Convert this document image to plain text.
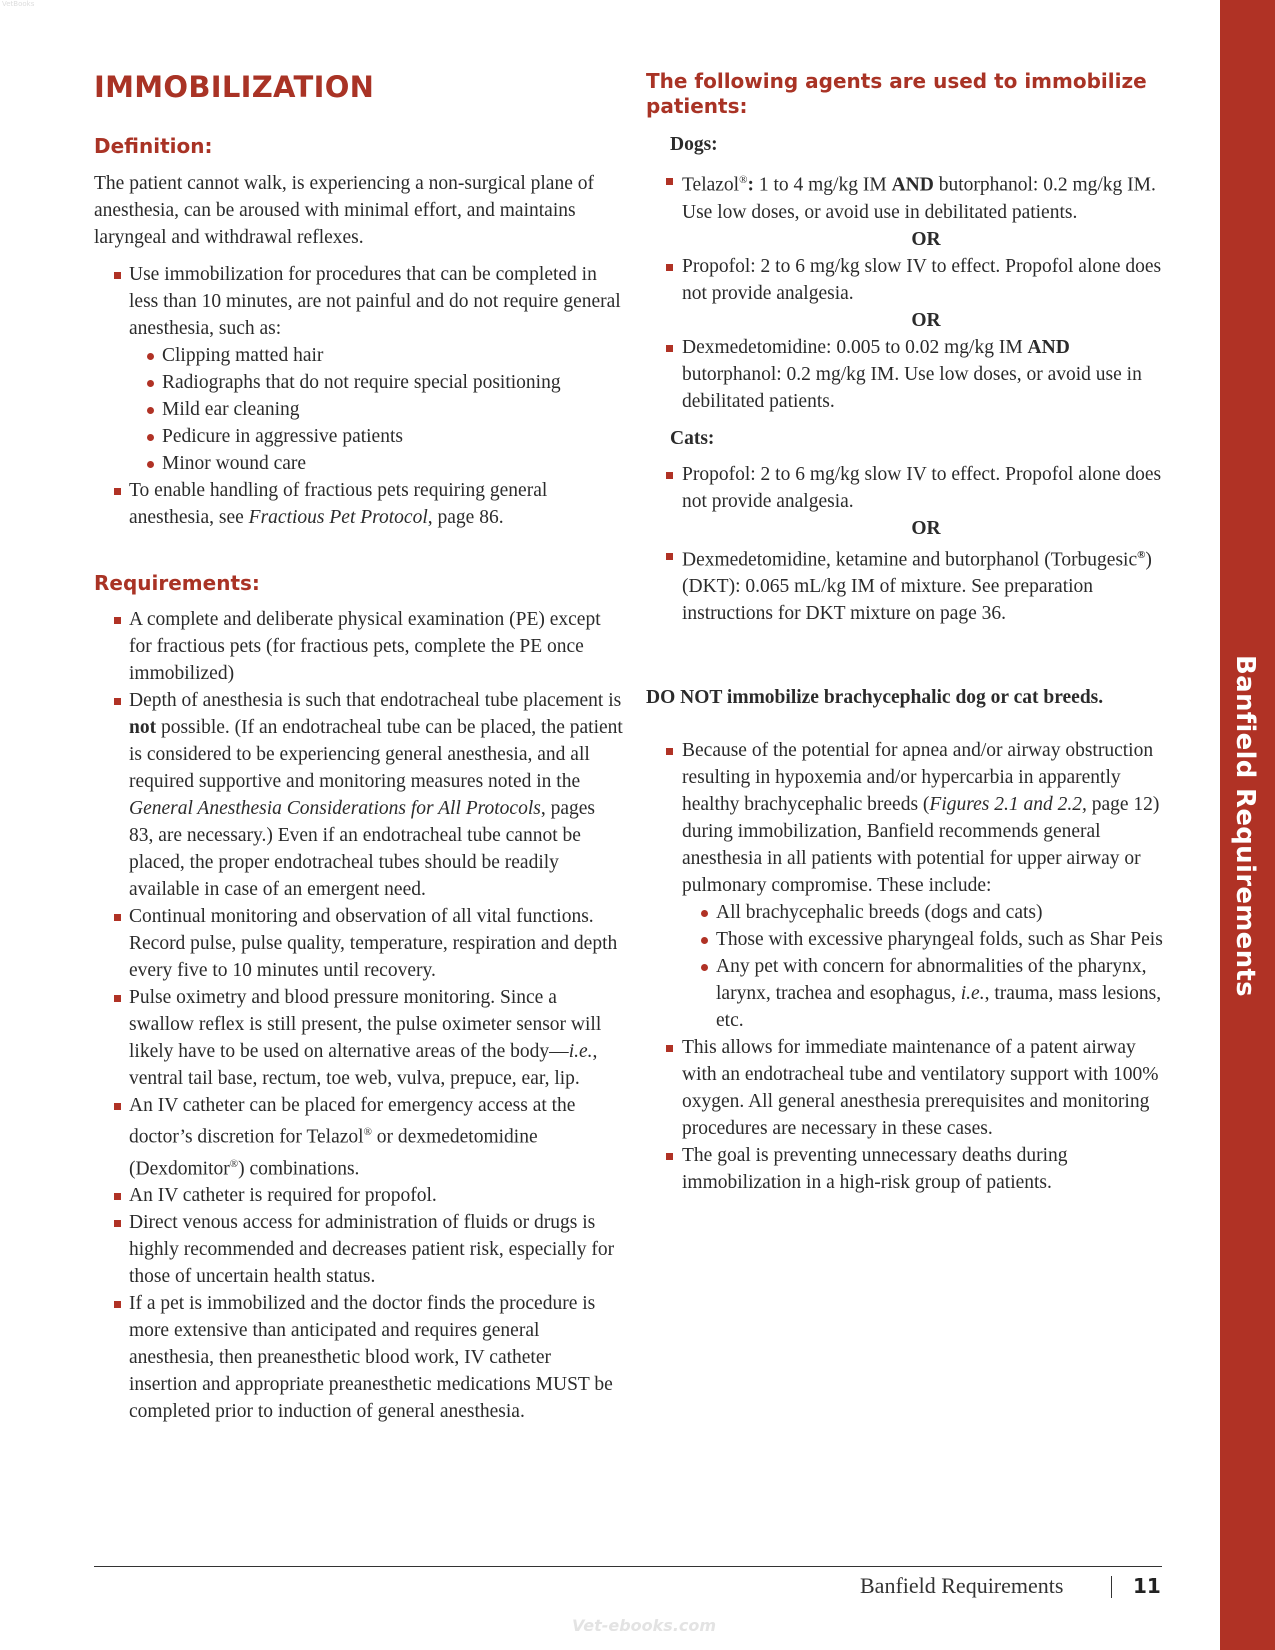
VetBooks
Banfield Requirements
IMMOBILIZATION
Definition:
The patient cannot walk, is experiencing a non-surgical plane of anesthesia, can be aroused with minimal effort, and maintains laryngeal and withdrawal reflexes.
Use immobilization for procedures that can be completed in less than 10 minutes, are not painful and do not require general anesthesia, such as:
Clipping matted hair
Radiographs that do not require special positioning
Mild ear cleaning
Pedicure in aggressive patients
Minor wound care
To enable handling of fractious pets requiring general anesthesia, see Fractious Pet Protocol, page 86.
Requirements:
A complete and deliberate physical examination (PE) except for fractious pets (for fractious pets, complete the PE once immobilized)
Depth of anesthesia is such that endotracheal tube placement is not possible. (If an endotracheal tube can be placed, the patient is considered to be experiencing general anesthesia, and all required supportive and monitoring measures noted in the General Anesthesia Considerations for All Protocols, pages 83, are necessary.) Even if an endotracheal tube cannot be placed, the proper endotracheal tubes should be readily available in case of an emergent need.
Continual monitoring and observation of all vital functions. Record pulse, pulse quality, temperature, respiration and depth every five to 10 minutes until recovery.
Pulse oximetry and blood pressure monitoring. Since a swallow reflex is still present, the pulse oximeter sensor will likely have to be used on alternative areas of the body—i.e., ventral tail base, rectum, toe web, vulva, prepuce, ear, lip.
An IV catheter can be placed for emergency access at the doctor’s discretion for Telazol® or dexmedetomidine (Dexdomitor®) combinations.
An IV catheter is required for propofol.
Direct venous access for administration of fluids or drugs is highly recommended and decreases patient risk, especially for those of uncertain health status.
If a pet is immobilized and the doctor finds the procedure is more extensive than anticipated and requires general anesthesia, then preanesthetic blood work, IV catheter insertion and appropriate preanesthetic medications MUST be completed prior to induction of general anesthesia.
The following agents are used to immobilize patients:
Dogs:
Telazol®: 1 to 4 mg/kg IM AND butorphanol: 0.2 mg/kg IM. Use low doses, or avoid use in debilitated patients.
OR
Propofol: 2 to 6 mg/kg slow IV to effect. Propofol alone does not provide analgesia.
OR
Dexmedetomidine: 0.005 to 0.02 mg/kg IM AND butorphanol: 0.2 mg/kg IM. Use low doses, or avoid use in debilitated patients.
Cats:
Propofol: 2 to 6 mg/kg slow IV to effect. Propofol alone does not provide analgesia.
OR
Dexmedetomidine, ketamine and butorphanol (Torbugesic®) (DKT): 0.065 mL/kg IM of mixture. See preparation instructions for DKT mixture on page 36.
DO NOT immobilize brachycephalic dog or cat breeds.
Because of the potential for apnea and/or airway obstruction resulting in hypoxemia and/or hypercarbia in apparently healthy brachycephalic breeds (Figures 2.1 and 2.2, page 12) during immobilization, Banfield recommends general anesthesia in all patients with potential for upper airway or pulmonary compromise. These include:
All brachycephalic breeds (dogs and cats)
Those with excessive pharyngeal folds, such as Shar Peis
Any pet with concern for abnormalities of the pharynx, larynx, trachea and esophagus, i.e., trauma, mass lesions, etc.
This allows for immediate maintenance of a patent airway with an endotracheal tube and ventilatory support with 100% oxygen. All general anesthesia prerequisites and monitoring procedures are necessary in these cases.
The goal is preventing unnecessary deaths during immobilization in a high-risk group of patients.
Banfield Requirements	11
Vet-ebooks.com
